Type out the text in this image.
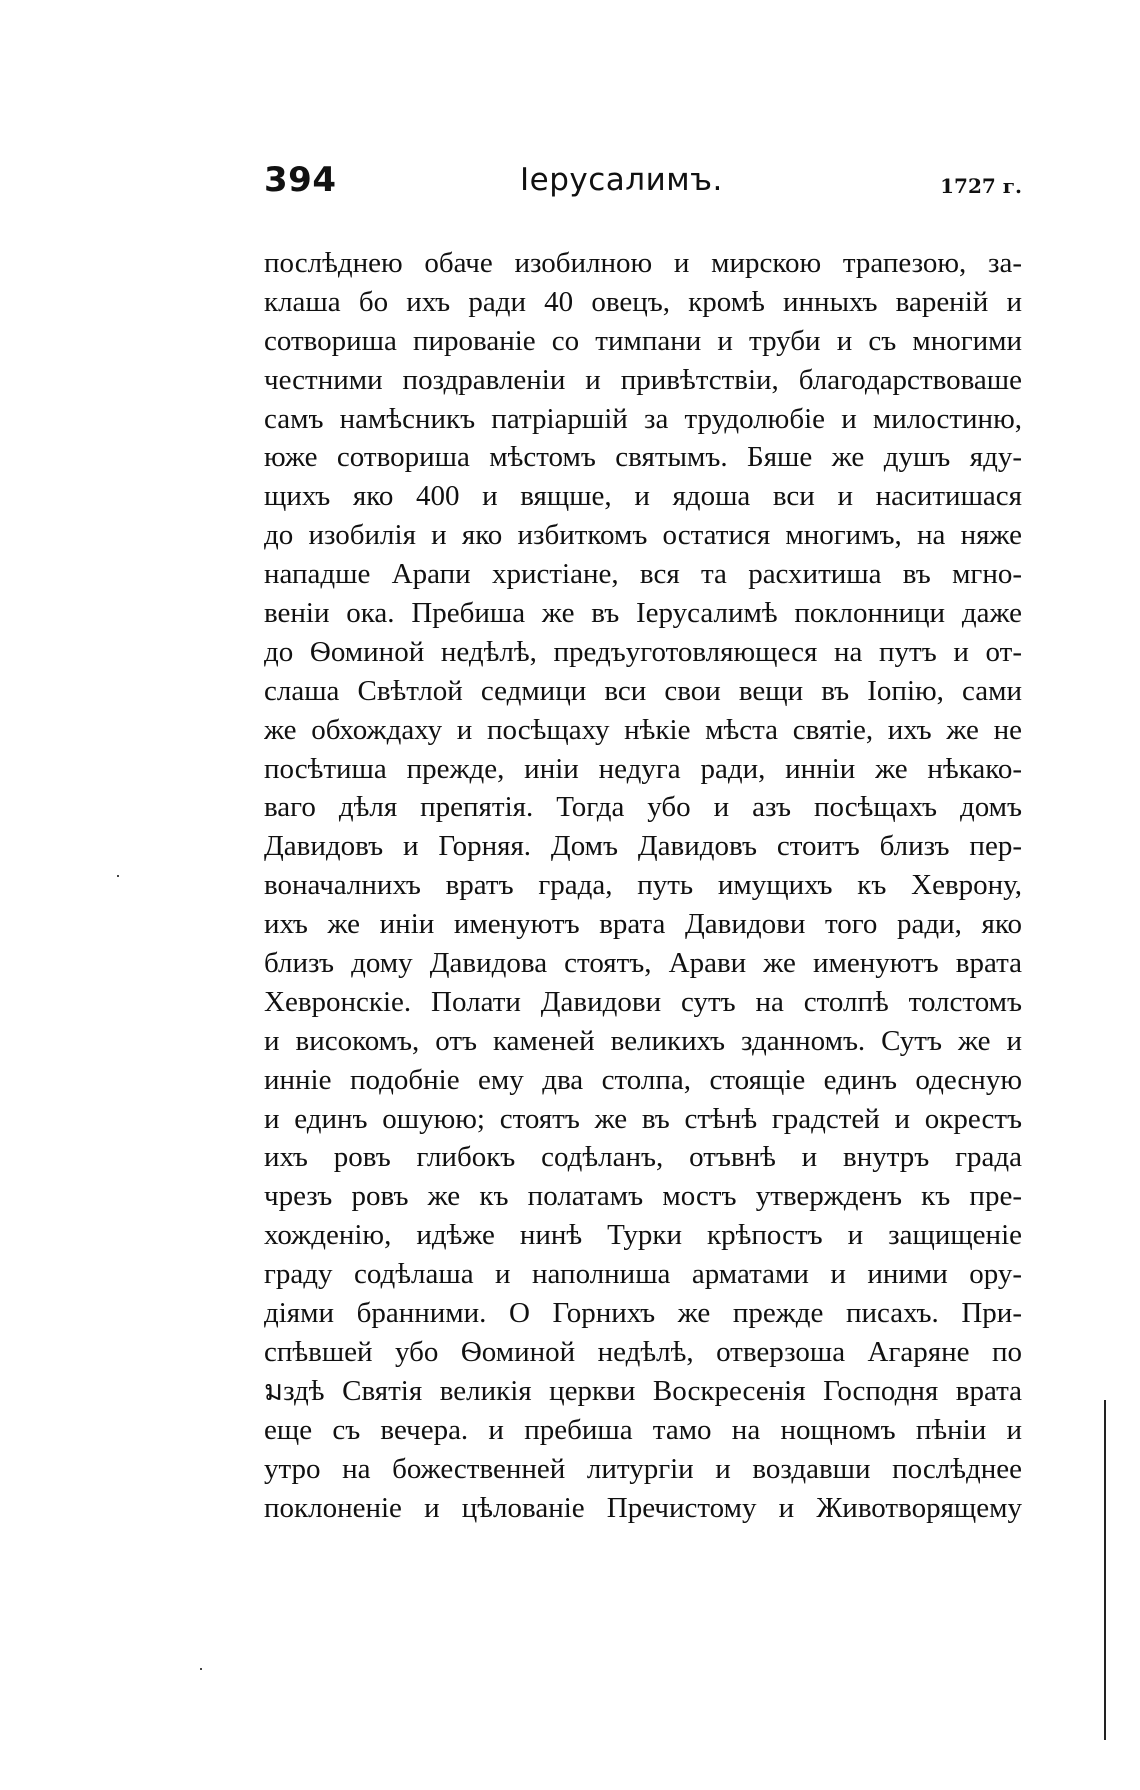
394	Іерусалимъ.	1727 г.
послѣднею обаче изобилною и мирскою трапезою, за-
клаша бо ихъ ради 40 овецъ, кромѣ инныхъ вареній и
сотвориша пированіе со тимпани и труби и съ многими
честними поздравленіи и привѣтствіи, благодарствоваше
самъ намѣсникъ патріаршій за трудолюбіе и милостиню,
юже сотвориша мѣстомъ святымъ. Бяше же душъ яду-
щихъ яко 400 и вящше, и ядоша вси и наситишася
до изобилія и яко избиткомъ остатися многимъ, на няже
нападше Арапи христіане, вся та расхитиша въ мгно-
веніи ока. Пребиша же въ Іерусалимѣ поклонници даже
до Ѳоминой недѣлѣ, предъуготовляющеся на путъ и от-
слаша Свѣтлой седмици вси свои вещи въ Іопію, сами
же обхождаху и посѣщаху нѣкіе мѣста святіе, ихъ же не
посѣтиша прежде, иніи недуга ради, инніи же нѣкако-
ваго дѣля препятія. Тогда убо и азъ посѣщахъ домъ
Давидовъ и Горняя. Домъ Давидовъ стоитъ близъ пер-
воначалнихъ вратъ града, путь имущихъ къ Хеврону,
ихъ же иніи именуютъ врата Давидови того ради, яко
близъ дому Давидова стоятъ, Арави же именуютъ врата
Хевронскіе. Полати Давидови сутъ на столпѣ толстомъ
и високомъ, отъ каменей великихъ зданномъ. Сутъ же и
инніе подобніе ему два столпа, стоящіе единъ одесную
и единъ ошуюю; стоятъ же въ стѣнѣ градстей и окрестъ
ихъ ровъ глибокъ содѣланъ, отъвнѣ и внутръ града
чрезъ ровъ же къ полатамъ мостъ утвержденъ къ пре-
хожденію, идѣже нинѣ Турки крѣпостъ и защищеніе
граду содѣлаша и наполниша арматами и иними ору-
діями бранними. О Горнихъ же прежде писахъ. При-
спѣвшей убо Ѳоминой недѣлѣ, отверзоша Агаряне по
มздѣ Святія великія церкви Воскресенія Господня врата
еще съ вечера. и пребиша тамо на нощномъ пѣніи и
утро на божественней литургіи и воздавши послѣднее
поклоненіе и цѣлованіе Пречистому и Животворящему
